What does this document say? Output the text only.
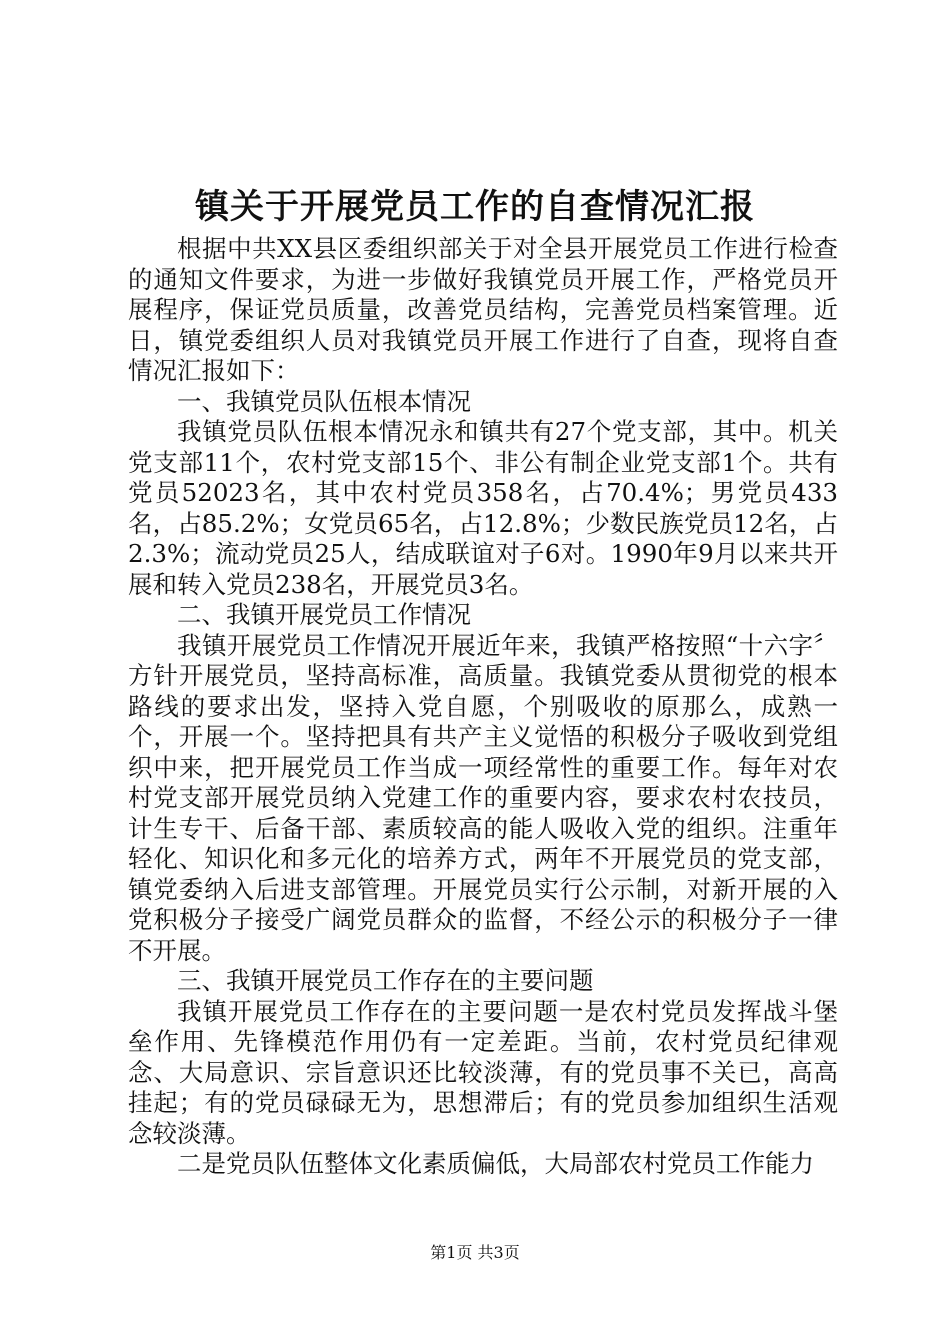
镇关于开展党员工作的自查情况汇报

根据中共XX县区委组织部关于对全县开展党员工作进行检查的通知文件要求，为进一步做好我镇党员开展工作，严格党员开展程序，保证党员质量，改善党员结构，完善党员档案管理。近日，镇党委组织人员对我镇党员开展工作进行了自查，现将自查情况汇报如下：

一、我镇党员队伍根本情况

我镇党员队伍根本情况永和镇共有27个党支部，其中。机关党支部11个，农村党支部15个、非公有制企业党支部1个。共有党员52023名，其中农村党员358名，占70.4%；男党员433名，占85.2%；女党员65名，占12.8%；少数民族党员12名，占2.3%；流动党员25人，结成联谊对子6对。1990年9月以来共开展和转入党员238名，开展党员3名。

二、我镇开展党员工作情况

我镇开展党员工作情况开展近年来，我镇严格按照“十六字〞方针开展党员，坚持高标准，高质量。我镇党委从贯彻党的根本路线的要求出发，坚持入党自愿，个别吸收的原那么，成熟一个，开展一个。坚持把具有共产主义觉悟的积极分子吸收到党组织中来，把开展党员工作当成一项经常性的重要工作。每年对农村党支部开展党员纳入党建工作的重要内容，要求农村农技员，计生专干、后备干部、素质较高的能人吸收入党的组织。注重年轻化、知识化和多元化的培养方式，两年不开展党员的党支部，镇党委纳入后进支部管理。开展党员实行公示制，对新开展的入党积极分子接受广阔党员群众的监督，不经公示的积极分子一律不开展。

三、我镇开展党员工作存在的主要问题

我镇开展党员工作存在的主要问题一是农村党员发挥战斗堡垒作用、先锋模范作用仍有一定差距。当前，农村党员纪律观念、大局意识、宗旨意识还比较淡薄，有的党员事不关已，高高挂起；有的党员碌碌无为，思想滞后；有的党员参加组织生活观念较淡薄。

二是党员队伍整体文化素质偏低，大局部农村党员工作能力

第1页 共3页
